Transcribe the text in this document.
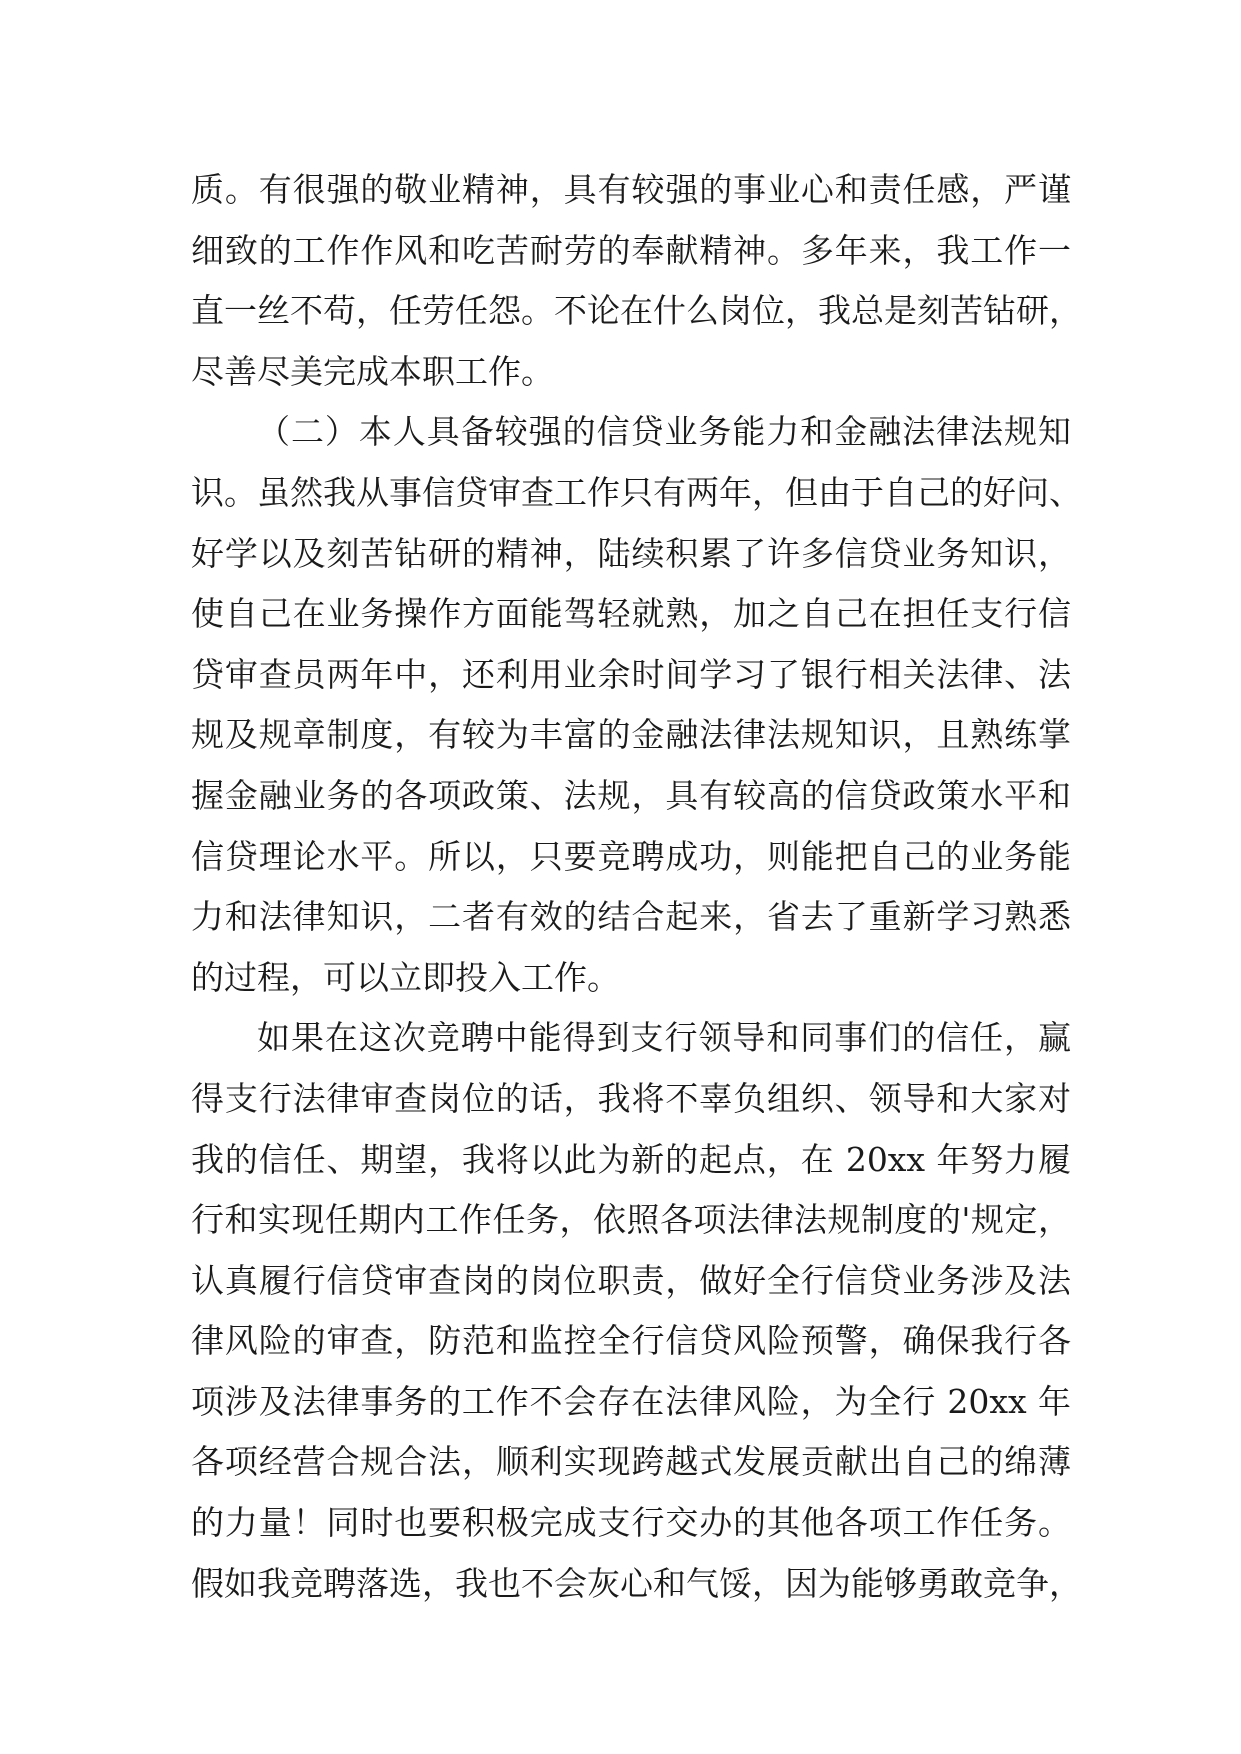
质。有很强的敬业精神，具有较强的事业心和责任感，严谨
细致的工作作风和吃苦耐劳的奉献精神。多年来，我工作一
直一丝不苟，任劳任怨。不论在什么岗位，我总是刻苦钻研，
尽善尽美完成本职工作。
（二）本人具备较强的信贷业务能力和金融法律法规知
识。虽然我从事信贷审查工作只有两年，但由于自己的好问、
好学以及刻苦钻研的精神，陆续积累了许多信贷业务知识，
使自己在业务操作方面能驾轻就熟，加之自己在担任支行信
贷审查员两年中，还利用业余时间学习了银行相关法律、法
规及规章制度，有较为丰富的金融法律法规知识，且熟练掌
握金融业务的各项政策、法规，具有较高的信贷政策水平和
信贷理论水平。所以，只要竞聘成功，则能把自己的业务能
力和法律知识，二者有效的结合起来，省去了重新学习熟悉
的过程，可以立即投入工作。
如果在这次竞聘中能得到支行领导和同事们的信任，赢
得支行法律审查岗位的话，我将不辜负组织、领导和大家对
我的信任、期望，我将以此为新的起点，在 20xx 年努力履
行和实现任期内工作任务，依照各项法律法规制度的'规定，
认真履行信贷审查岗的岗位职责，做好全行信贷业务涉及法
律风险的审查，防范和监控全行信贷风险预警，确保我行各
项涉及法律事务的工作不会存在法律风险，为全行 20xx 年
各项经营合规合法，顺利实现跨越式发展贡献出自己的绵薄
的力量！同时也要积极完成支行交办的其他各项工作任务。
假如我竞聘落选，我也不会灰心和气馁，因为能够勇敢竞争，
